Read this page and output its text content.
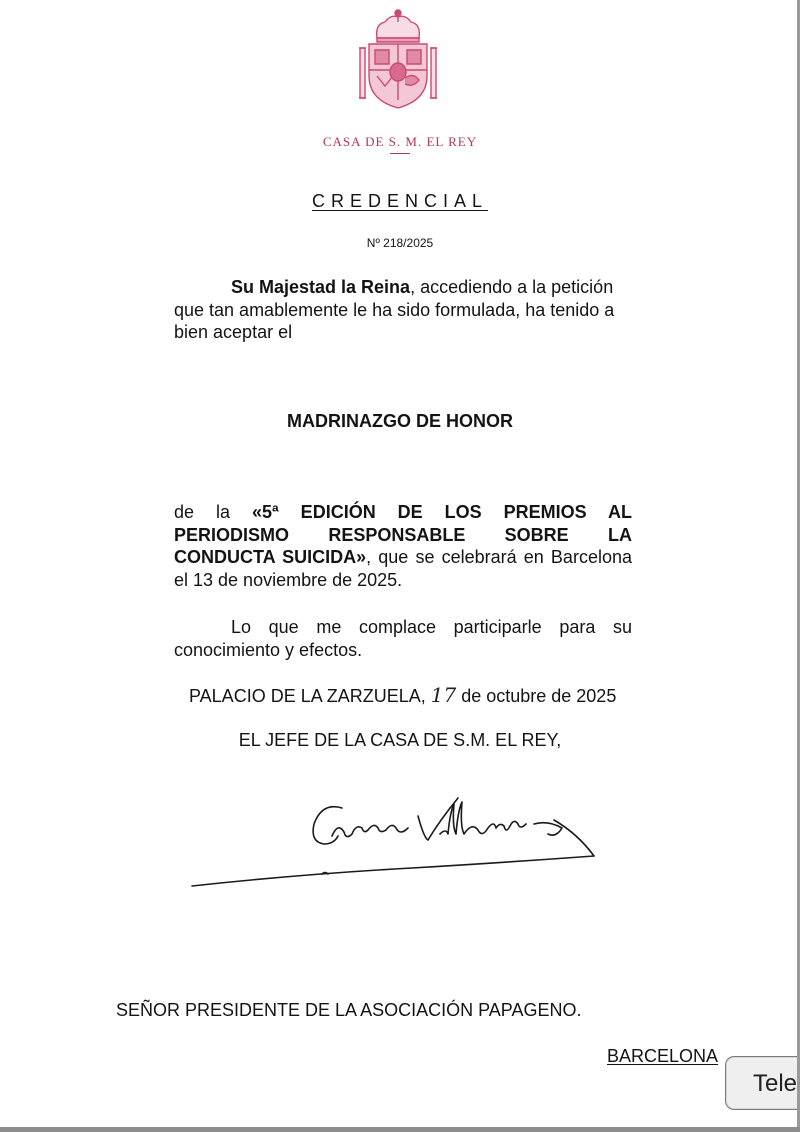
CASA DE S. M. EL REY
CREDENCIAL
Nº 218/2025
Su Majestad la Reina, accediendo a la petición que tan amablemente le ha sido formulada, ha tenido a bien aceptar el
MADRINAZGO DE HONOR
de la «5ª EDICIÓN DE LOS PREMIOS AL PERIODISMO RESPONSABLE SOBRE LA CONDUCTA SUICIDA», que se celebrará en Barcelona el 13 de noviembre de 2025.
Lo que me complace participarle para su conocimiento y efectos.
PALACIO DE LA ZARZUELA, 17 de octubre de 2025
EL JEFE DE LA CASA DE S.M. EL REY,
SEÑOR PRESIDENTE DE LA ASOCIACIÓN PAPAGENO.
BARCELONA
Tele
